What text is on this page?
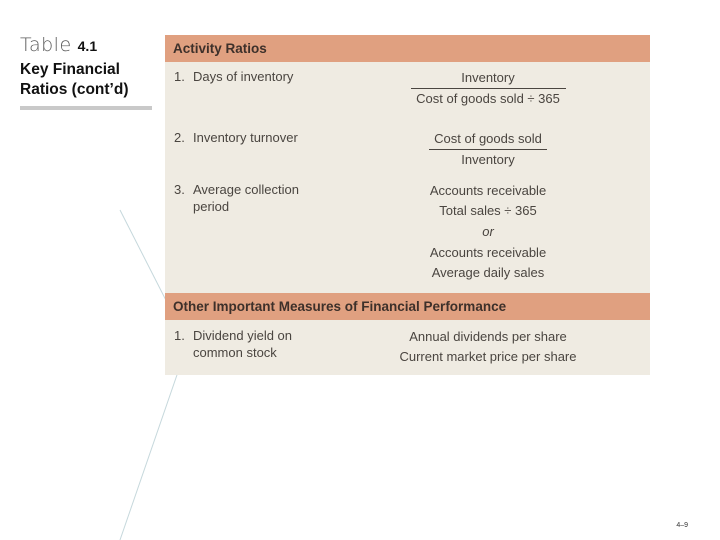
Table 4.1
Key Financial
Ratios (cont’d)
Activity Ratios
1. Days of inventory	Inventory
Cost of goods sold ÷ 365
2. Inventory turnover	Cost of goods sold
Inventory
3. Average collection
period
Accounts receivable
Total sales ÷ 365
or
Accounts receivable
Average daily sales
Other Important Measures of Financial Performance
1. Dividend yield on
common stock
Annual dividends per share
Current market price per share
4–9
